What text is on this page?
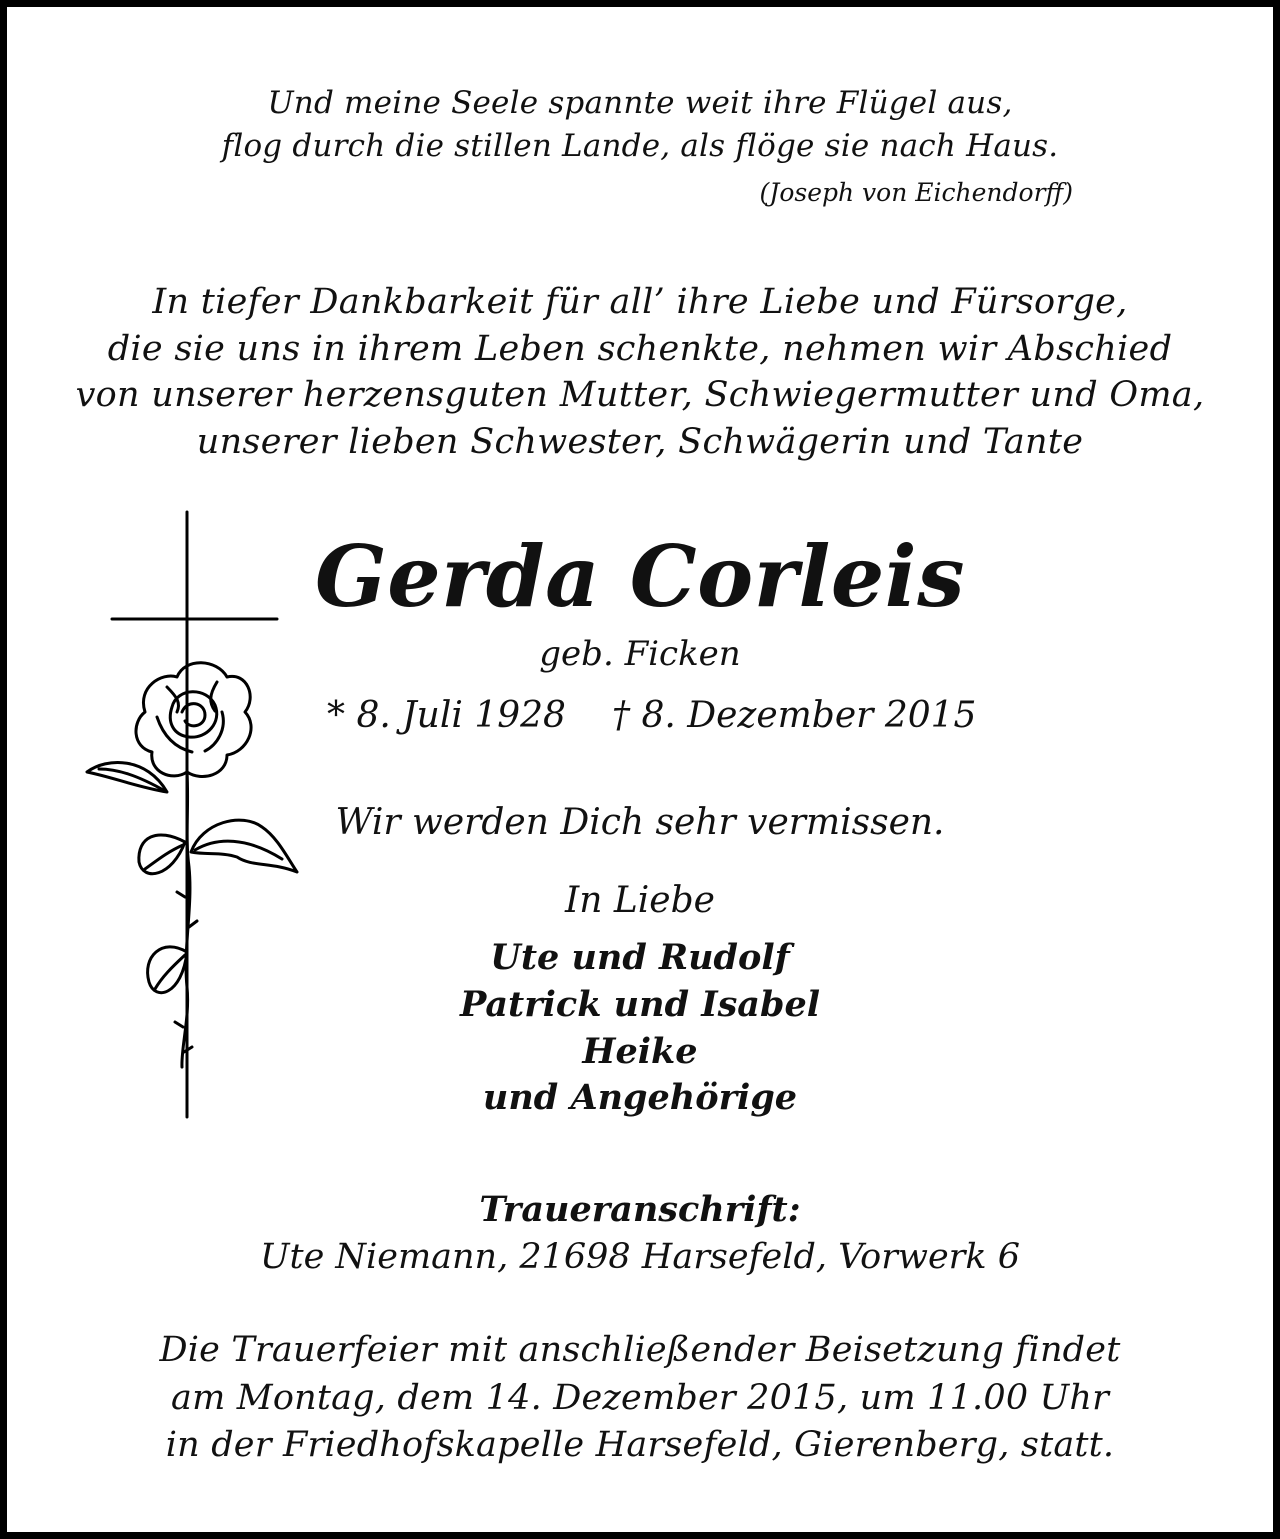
Und meine Seele spannte weit ihre Flügel aus,
flog durch die stillen Lande, als flöge sie nach Haus.
(Joseph von Eichendorff)
In tiefer Dankbarkeit für all’ ihre Liebe und Fürsorge,
die sie uns in ihrem Leben schenkte, nehmen wir Abschied
von unserer herzensguten Mutter, Schwiegermutter und Oma,
unserer lieben Schwester, Schwägerin und Tante
Gerda Corleis
geb. Ficken
* 8. Juli 1928 † 8. Dezember 2015
Wir werden Dich sehr vermissen.
In Liebe
Ute und Rudolf
Patrick und Isabel
Heike
und Angehörige
Traueranschrift:
Ute Niemann, 21698 Harsefeld, Vorwerk 6
Die Trauerfeier mit anschließender Beisetzung findet
am Montag, dem 14. Dezember 2015, um 11.00 Uhr
in der Friedhofskapelle Harsefeld, Gierenberg, statt.
